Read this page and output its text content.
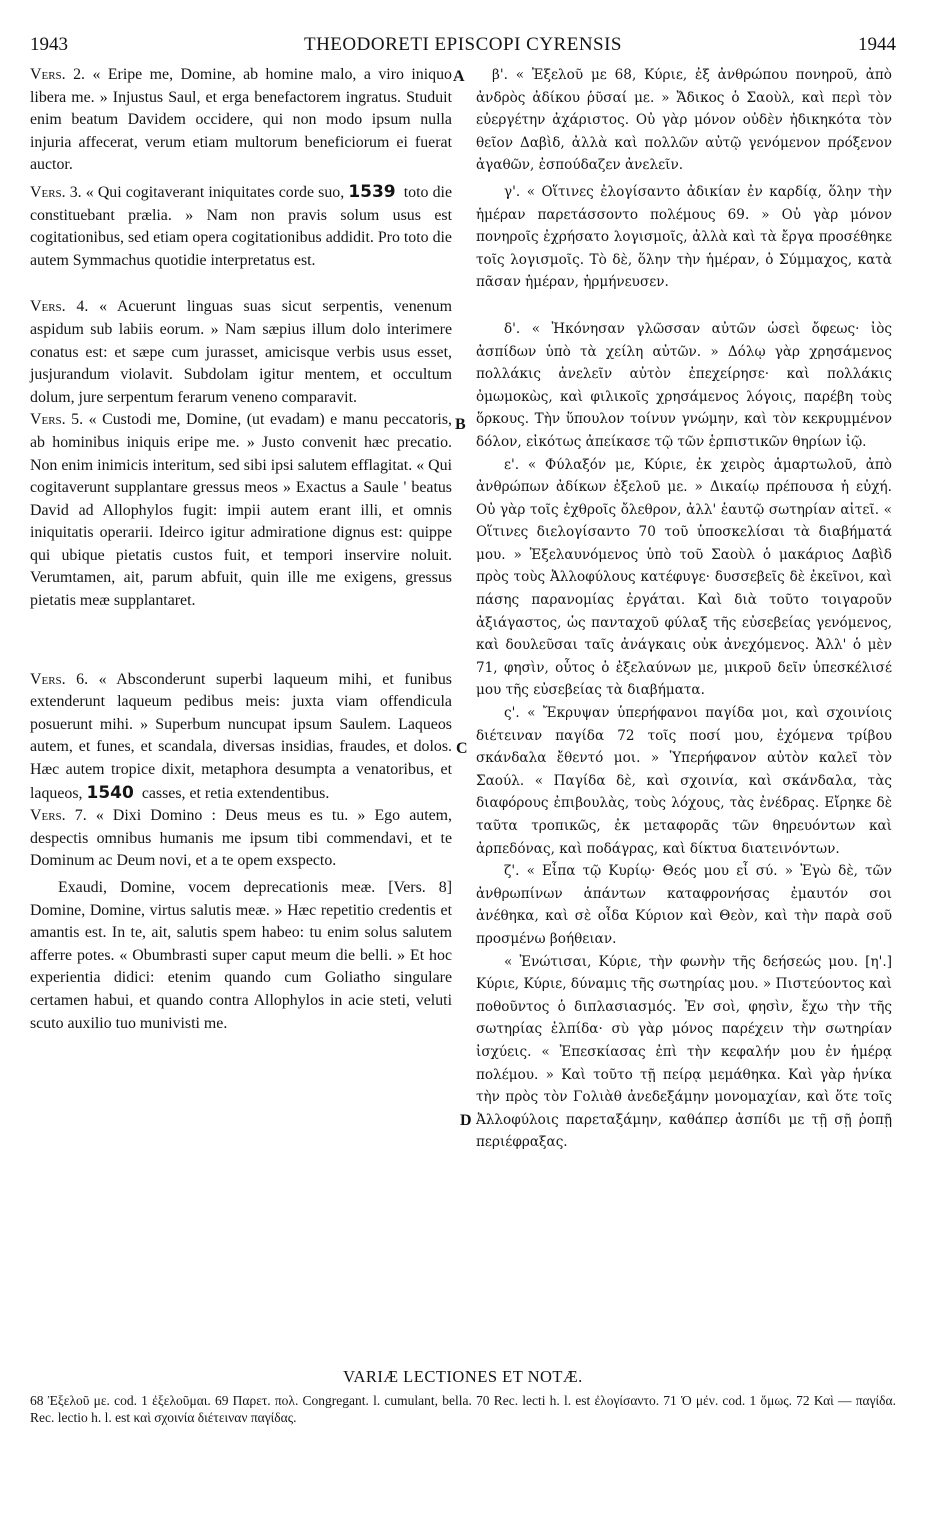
1943	THEODORETI EPISCOPI CYRENSIS	1944
A
B
C
D

Vers. 2. « Eripe me, Domine, ab homine malo, a viro iniquo libera me. » Injustus Saul, et erga benefactorem ingratus. Studuit enim beatum Davidem occidere, qui non modo ipsum nulla injuria affecerat, verum etiam multorum beneficiorum ei fuerat auctor.

Vers. 3. « Qui cogitaverant iniquitates corde suo, 1539 toto die constituebant prælia. » Nam non pravis solum usus est cogitationibus, sed etiam opera cogitationibus addidit. Pro toto die autem Symmachus quotidie interpretatus est.

Vers. 4. « Acuerunt linguas suas sicut serpentis, venenum aspidum sub labiis eorum. » Nam sæpius illum dolo interimere conatus est: et sæpe cum jurasset, amicisque verbis usus esset, jusjurandum violavit. Subdolam igitur mentem, et occultum dolum, jure serpentum ferarum veneno comparavit.

Vers. 5. « Custodi me, Domine, (ut evadam) e manu peccatoris, ab hominibus iniquis eripe me. » Justo convenit hæc precatio. Non enim inimicis interitum, sed sibi ipsi salutem efflagitat. « Qui cogitaverunt supplantare gressus meos » Exactus a Saule ' beatus David ad Allophylos fugit: impii autem erant illi, et omnis iniquitatis operarii. Ideirco igitur admiratione dignus est: quippe qui ubique pietatis custos fuit, et tempori inservire noluit. Verumtamen, ait, parum abfuit, quin ille me exigens, gressus pietatis meæ supplantaret.

Vers. 6. « Absconderunt superbi laqueum mihi, et funibus extenderunt laqueum pedibus meis: juxta viam offendicula posuerunt mihi. » Superbum nuncupat ipsum Saulem. Laqueos autem, et funes, et scandala, diversas insidias, fraudes, et dolos. Hæc autem tropice dixit, metaphora desumpta a venatoribus, et laqueos, 1540 casses, et retia extendentibus.

Vers. 7. « Dixi Domino : Deus meus es tu. » Ego autem, despectis omnibus humanis me ipsum tibi commendavi, et te Dominum ac Deum novi, et a te opem exspecto.

Exaudi, Domine, vocem deprecationis meæ. [Vers. 8] Domine, Domine, virtus salutis meæ. » Hæc repetitio credentis et amantis est. In te, ait, salutis spem habeo: tu enim solus salutem afferre potes. « Obumbrasti super caput meum die belli. » Et hoc experientia didici: etenim quando cum Goliatho singulare certamen habui, et quando contra Allophylos in acie steti, veluti scuto auxilio tuo munivisti me.

β'. « Ἐξελοῦ με 68, Κύριε, ἐξ ἀνθρώπου πονηροῦ, ἀπὸ ἀνδρὸς ἀδίκου ῥῦσαί με. » Ἄδικος ὁ Σαοὺλ, καὶ περὶ τὸν εὐεργέτην ἀχάριστος. Οὐ γὰρ μόνον οὐδὲν ἠδικηκότα τὸν θεῖον Δαβὶδ, ἀλλὰ καὶ πολλῶν αὐτῷ γενόμενον πρόξενον ἀγαθῶν, ἐσπούδαζεν ἀνελεῖν.

γ'. « Οἵτινες ἐλογίσαντο ἀδικίαν ἐν καρδίᾳ, ὅλην τὴν ἡμέραν παρετάσσοντο πολέμους 69. » Οὐ γὰρ μόνον πονηροῖς ἐχρήσατο λογισμοῖς, ἀλλὰ καὶ τὰ ἔργα προσέθηκε τοῖς λογισμοῖς. Τὸ δὲ, ὅλην τὴν ἡμέραν, ὁ Σύμμαχος, κατὰ πᾶσαν ἡμέραν, ἡρμήνευσεν.

δ'. « Ἠκόνησαν γλῶσσαν αὐτῶν ὡσεὶ ὄφεως· ἰὸς ἀσπίδων ὑπὸ τὰ χείλη αὐτῶν. » Δόλῳ γὰρ χρησάμενος πολλάκις ἀνελεῖν αὐτὸν ἐπεχείρησε· καὶ πολλάκις ὀμωμοκὼς, καὶ φιλικοῖς χρησάμενος λόγοις, παρέβη τοὺς ὅρκους. Τὴν ὕπουλον τοίνυν γνώμην, καὶ τὸν κεκρυμμένον δόλον, εἰκότως ἀπείκασε τῷ τῶν ἑρπιστικῶν θηρίων ἰῷ.

ε'. « Φύλαξόν με, Κύριε, ἐκ χειρὸς ἁμαρτωλοῦ, ἀπὸ ἀνθρώπων ἀδίκων ἐξελοῦ με. » Δικαίῳ πρέπουσα ἡ εὐχή. Οὐ γὰρ τοῖς ἐχθροῖς ὄλεθρον, ἀλλ' ἑαυτῷ σωτηρίαν αἰτεῖ. « Οἵτινες διελογίσαντο 70 τοῦ ὑποσκελίσαι τὰ διαβήματά μου. » Ἐξελαυνόμενος ὑπὸ τοῦ Σαοὺλ ὁ μακάριος Δαβὶδ πρὸς τοὺς Ἀλλοφύλους κατέφυγε· δυσσεβεῖς δὲ ἐκεῖνοι, καὶ πάσης παρανομίας ἐργάται. Καὶ διὰ τοῦτο τοιγαροῦν ἀξιάγαστος, ὡς πανταχοῦ φύλαξ τῆς εὐσεβείας γενόμενος, καὶ δουλεῦσαι ταῖς ἀνάγκαις οὐκ ἀνεχόμενος. Ἀλλ' ὁ μὲν 71, φησὶν, οὗτος ὁ ἐξελαύνων με, μικροῦ δεῖν ὑπεσκέλισέ μου τῆς εὐσεβείας τὰ διαβήματα.

ς'. « Ἔκρυψαν ὑπερήφανοι παγίδα μοι, καὶ σχοινίοις διέτειναν παγίδα 72 τοῖς ποσί μου, ἐχόμενα τρίβου σκάνδαλα ἔθεντό μοι. » Ὑπερήφανον αὐτὸν καλεῖ τὸν Σαούλ. « Παγίδα δὲ, καὶ σχοινία, καὶ σκάνδαλα, τὰς διαφόρους ἐπιβουλὰς, τοὺς λόχους, τὰς ἐνέδρας. Εἴρηκε δὲ ταῦτα τροπικῶς, ἐκ μεταφορᾶς τῶν θηρευόντων καὶ ἀρπεδόνας, καὶ ποδάγρας, καὶ δίκτυα διατεινόντων.

ζ'. « Εἶπα τῷ Κυρίῳ· Θεός μου εἶ σύ. » Ἐγὼ δὲ, τῶν ἀνθρωπίνων ἁπάντων καταφρονήσας ἐμαυτόν σοι ἀνέθηκα, καὶ σὲ οἶδα Κύριον καὶ Θεὸν, καὶ τὴν παρὰ σοῦ προσμένω βοήθειαν.

« Ἐνώτισαι, Κύριε, τὴν φωνὴν τῆς δεήσεώς μου. [η'.] Κύριε, Κύριε, δύναμις τῆς σωτηρίας μου. » Πιστεύοντος καὶ ποθοῦντος ὁ διπλασιασμός. Ἐν σοὶ, φησὶν, ἔχω τὴν τῆς σωτηρίας ἐλπίδα· σὺ γὰρ μόνος παρέχειν τὴν σωτηρίαν ἰσχύεις. « Ἐπεσκίασας ἐπὶ τὴν κεφαλήν μου ἐν ἡμέρᾳ πολέμου. » Καὶ τοῦτο τῇ πείρᾳ μεμάθηκα. Καὶ γὰρ ἡνίκα τὴν πρὸς τὸν Γολιὰθ ἀνεδεξάμην μονομαχίαν, καὶ ὅτε τοῖς Ἀλλοφύλοις παρεταξάμην, καθάπερ ἀσπίδι με τῇ σῇ ῥοπῇ περιέφραξας.

VARIÆ LECTIONES ET NOTÆ.
68 Ἐξελοῦ με. cod. 1 ἐξελοῦμαι. 69 Παρετ. πολ. Congregant. l. cumulant, bella. 70 Rec. lecti h. l. est ἐλογίσαντο. 71 Ὁ μέν. cod. 1 ὅμως. 72 Καὶ — παγίδα. Rec. lectio h. l. est καὶ σχοινία διέτειναν παγίδας.
